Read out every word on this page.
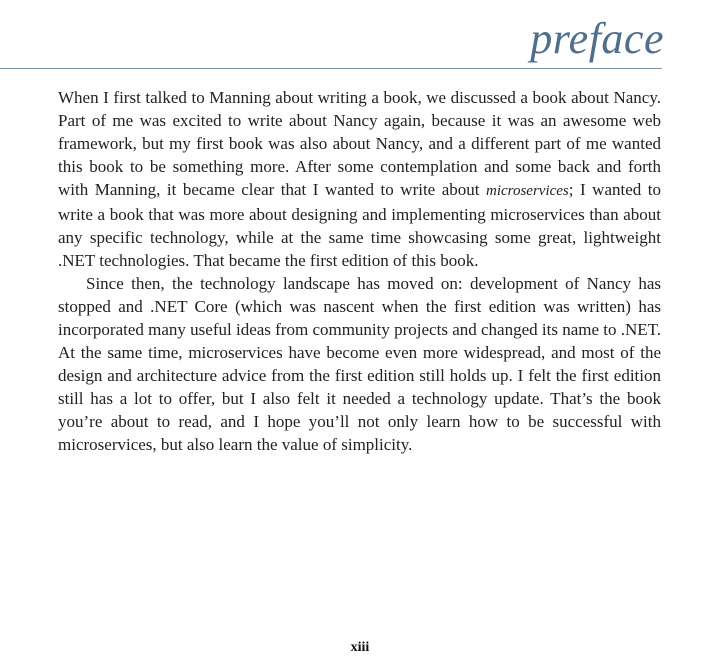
preface

When I first talked to Manning about writing a book, we discussed a book about Nancy. Part of me was excited to write about Nancy again, because it was an awesome web framework, but my first book was also about Nancy, and a different part of me wanted this book to be something more. After some contemplation and some back and forth with Manning, it became clear that I wanted to write about microservices; I wanted to write a book that was more about designing and implementing microservices than about any specific technology, while at the same time showcasing some great, lightweight .NET technologies. That became the first edition of this book.

Since then, the technology landscape has moved on: development of Nancy has stopped and .NET Core (which was nascent when the first edition was written) has incorporated many useful ideas from community projects and changed its name to .NET. At the same time, microservices have become even more widespread, and most of the design and architecture advice from the first edition still holds up. I felt the first edition still has a lot to offer, but I also felt it needed a technology update. That’s the book you’re about to read, and I hope you’ll not only learn how to be successful with microservices, but also learn the value of simplicity.

xiii
